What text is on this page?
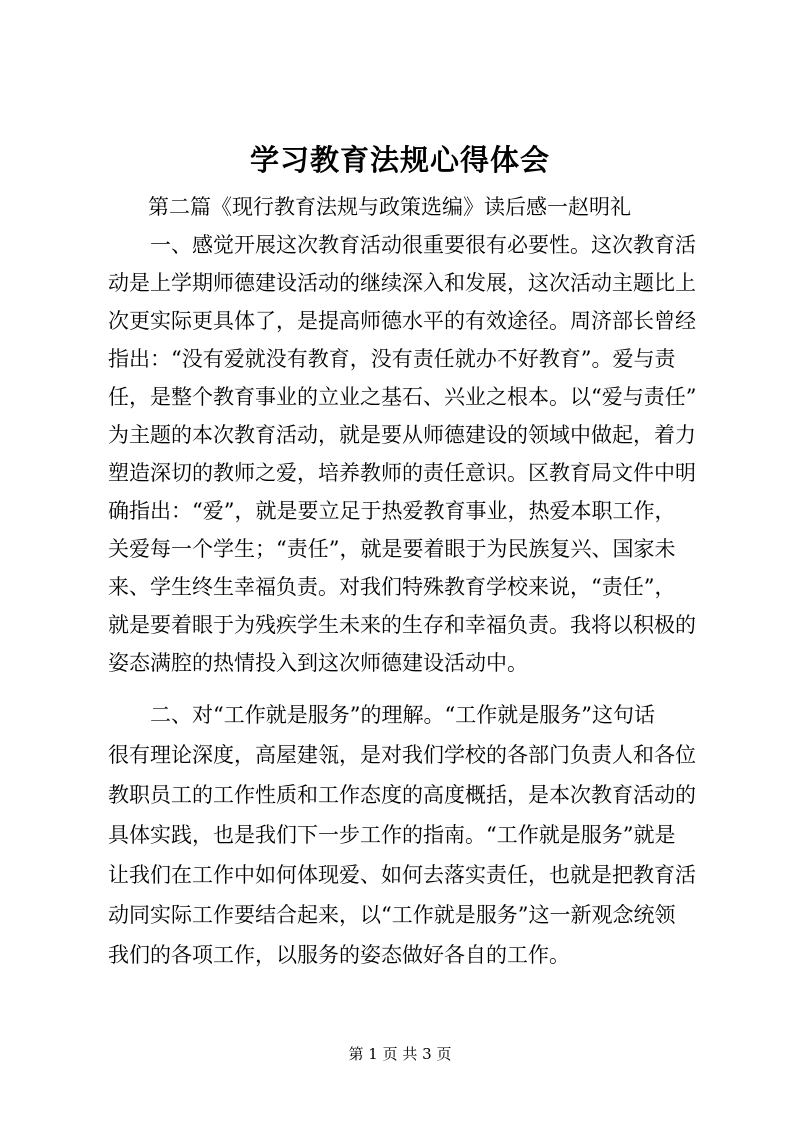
学习教育法规心得体会
第二篇《现行教育法规与政策选编》读后感一赵明礼
　　一、感觉开展这次教育活动很重要很有必要性。这次教育活
动是上学期师德建设活动的继续深入和发展，这次活动主题比上
次更实际更具体了，是提高师德水平的有效途径。周济部长曾经
指出：“没有爱就没有教育，没有责任就办不好教育”。爱与责
任，是整个教育事业的立业之基石、兴业之根本。以“爱与责任”
为主题的本次教育活动，就是要从师德建设的领域中做起，着力
塑造深切的教师之爱，培养教师的责任意识。区教育局文件中明
确指出：“爱”，就是要立足于热爱教育事业，热爱本职工作，
关爱每一个学生；“责任”，就是要着眼于为民族复兴、国家未
来、学生终生幸福负责。对我们特殊教育学校来说，“责任”，
就是要着眼于为残疾学生未来的生存和幸福负责。我将以积极的
姿态满腔的热情投入到这次师德建设活动中。
　　二、对“工作就是服务”的理解。“工作就是服务”这句话
很有理论深度，高屋建瓴，是对我们学校的各部门负责人和各位
教职员工的工作性质和工作态度的高度概括，是本次教育活动的
具体实践，也是我们下一步工作的指南。“工作就是服务”就是
让我们在工作中如何体现爱、如何去落实责任，也就是把教育活
动同实际工作要结合起来，以“工作就是服务”这一新观念统领
我们的各项工作，以服务的姿态做好各自的工作。
第 1 页 共 3 页
